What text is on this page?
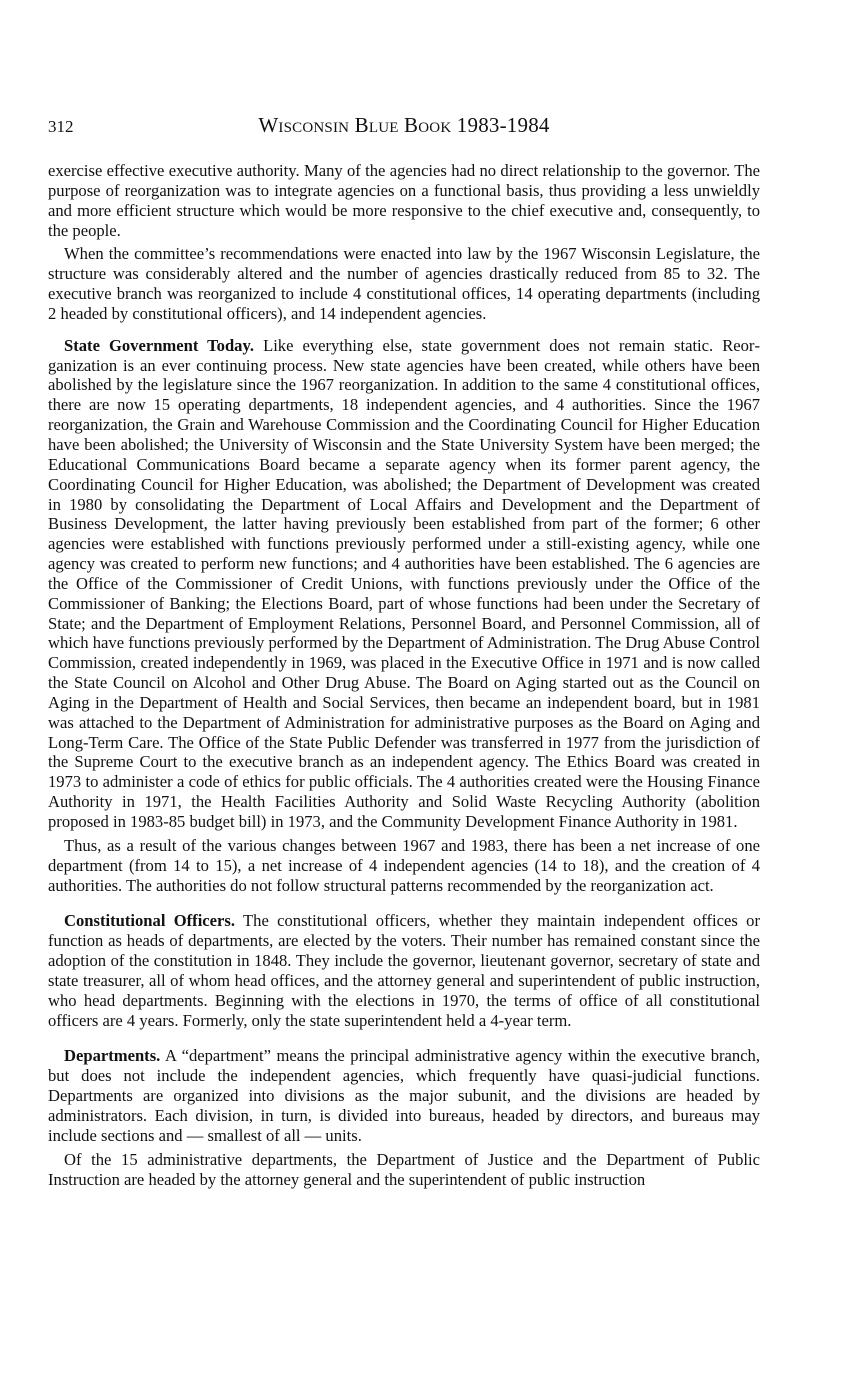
312	Wisconsin Blue Book 1983-1984

exercise effective executive authority. Many of the agencies had no direct relationship to the governor. The purpose of reorganization was to integrate agencies on a functional basis, thus providing a less unwieldly and more efficient structure which would be more responsive to the chief executive and, consequently, to the people.

When the committee’s recommendations were enacted into law by the 1967 Wisconsin Legislature, the structure was considerably altered and the number of agencies drastically reduced from 85 to 32. The executive branch was reorganized to include 4 constitutional offices, 14 operating departments (including 2 headed by constitutional officers), and 14 independent agencies.

State Government Today. Like everything else, state government does not remain static. Reorganization is an ever continuing process. New state agencies have been created, while others have been abolished by the legislature since the 1967 reorganization. In addition to the same 4 constitutional offices, there are now 15 operating departments, 18 independent agencies, and 4 authorities. Since the 1967 reorganization, the Grain and Warehouse Commission and the Coordinating Council for Higher Education have been abolished; the University of Wisconsin and the State University System have been merged; the Educational Communications Board became a separate agency when its former parent agency, the Coordinating Council for Higher Education, was abolished; the Department of Development was created in 1980 by consolidating the Department of Local Affairs and Development and the Department of Business Development, the latter having previously been established from part of the former; 6 other agencies were established with functions previously performed under a still-existing agency, while one agency was created to perform new functions; and 4 authorities have been established. The 6 agencies are the Office of the Commissioner of Credit Unions, with functions previously under the Office of the Commissioner of Banking; the Elections Board, part of whose functions had been under the Secretary of State; and the Department of Employment Relations, Personnel Board, and Personnel Commission, all of which have functions previously performed by the Department of Administration. The Drug Abuse Control Commission, created independently in 1969, was placed in the Executive Office in 1971 and is now called the State Council on Alcohol and Other Drug Abuse. The Board on Aging started out as the Council on Aging in the Department of Health and Social Services, then became an independent board, but in 1981 was attached to the Department of Administration for administrative purposes as the Board on Aging and Long-Term Care. The Office of the State Public Defender was transferred in 1977 from the jurisdiction of the Supreme Court to the executive branch as an independent agency. The Ethics Board was created in 1973 to administer a code of ethics for public officials. The 4 authorities created were the Housing Finance Authority in 1971, the Health Facilities Authority and Solid Waste Recycling Authority (abolition proposed in 1983-85 budget bill) in 1973, and the Community Development Finance Authority in 1981.

Thus, as a result of the various changes between 1967 and 1983, there has been a net increase of one department (from 14 to 15), a net increase of 4 independent agencies (14 to 18), and the creation of 4 authorities. The authorities do not follow structural patterns recommended by the reorganization act.

Constitutional Officers. The constitutional officers, whether they maintain independent offices or function as heads of departments, are elected by the voters. Their number has remained constant since the adoption of the constitution in 1848. They include the governor, lieutenant governor, secretary of state and state treasurer, all of whom head offices, and the attorney general and superintendent of public instruction, who head departments. Beginning with the elections in 1970, the terms of office of all constitutional officers are 4 years. Formerly, only the state superintendent held a 4-year term.

Departments. A “department” means the principal administrative agency within the executive branch, but does not include the independent agencies, which frequently have quasi-judicial functions. Departments are organized into divisions as the major subunit, and the divisions are headed by administrators. Each division, in turn, is divided into bureaus, headed by directors, and bureaus may include sections and — smallest of all — units.

Of the 15 administrative departments, the Department of Justice and the Department of Public Instruction are headed by the attorney general and the superintendent of public instruction
